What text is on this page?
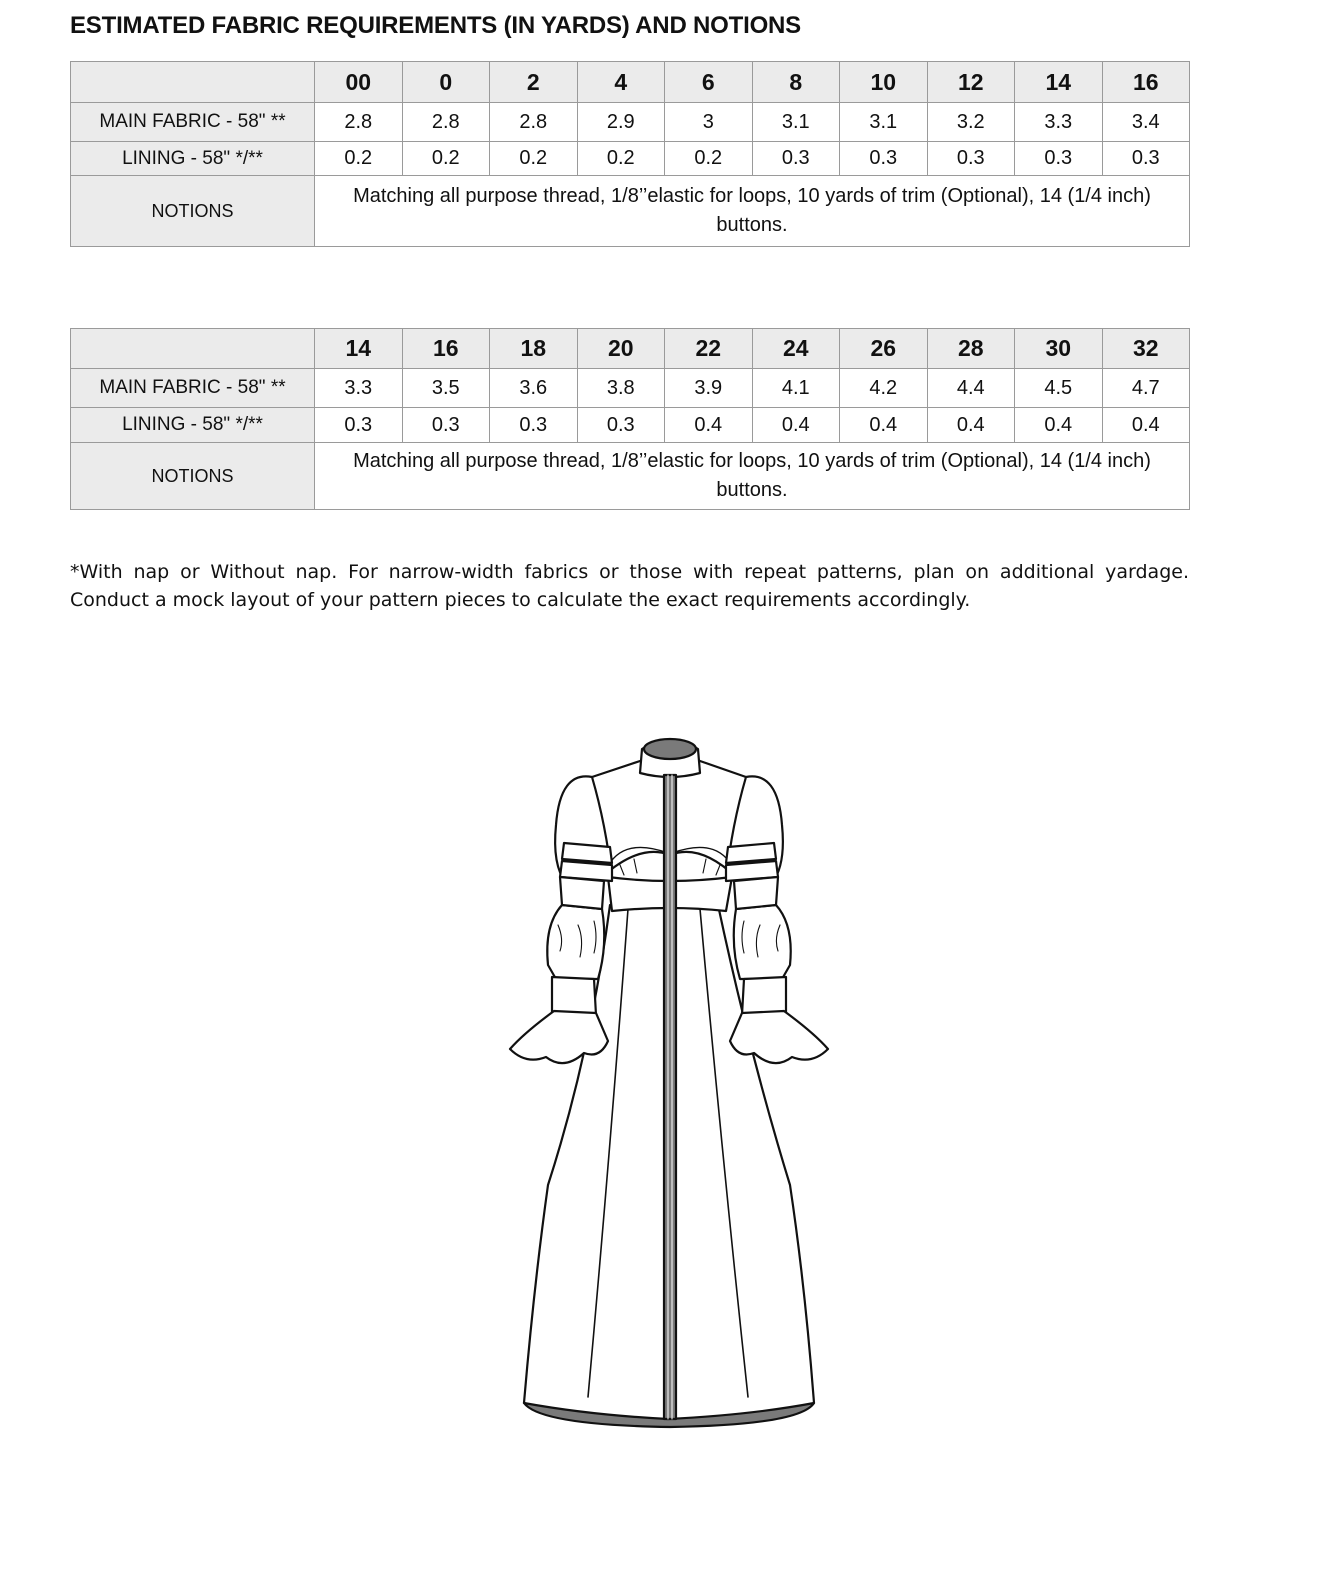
ESTIMATED FABRIC REQUIREMENTS (IN YARDS) AND NOTIONS
	00	0	2	4	6	8	10	12	14	16
MAIN FABRIC - 58" **	2.8	2.8	2.8	2.9	3	3.1	3.1	3.2	3.3	3.4
LINING - 58" */**	0.2	0.2	0.2	0.2	0.2	0.3	0.3	0.3	0.3	0.3
NOTIONS	Matching all purpose thread, 1/8’’elastic for loops, 10 yards of trim (Optional), 14 (1/4 inch) buttons.									
	14	16	18	20	22	24	26	28	30	32
MAIN FABRIC - 58" **	3.3	3.5	3.6	3.8	3.9	4.1	4.2	4.4	4.5	4.7
LINING - 58" */**	0.3	0.3	0.3	0.3	0.4	0.4	0.4	0.4	0.4	0.4
NOTIONS	Matching all purpose thread, 1/8’’elastic for loops, 10 yards of trim (Optional), 14 (1/4 inch) buttons.									

*With nap or Without nap. For narrow-width fabrics or those with repeat patterns, plan on additional yardage. Conduct a mock layout of your pattern pieces to calculate the exact requirements accordingly.
